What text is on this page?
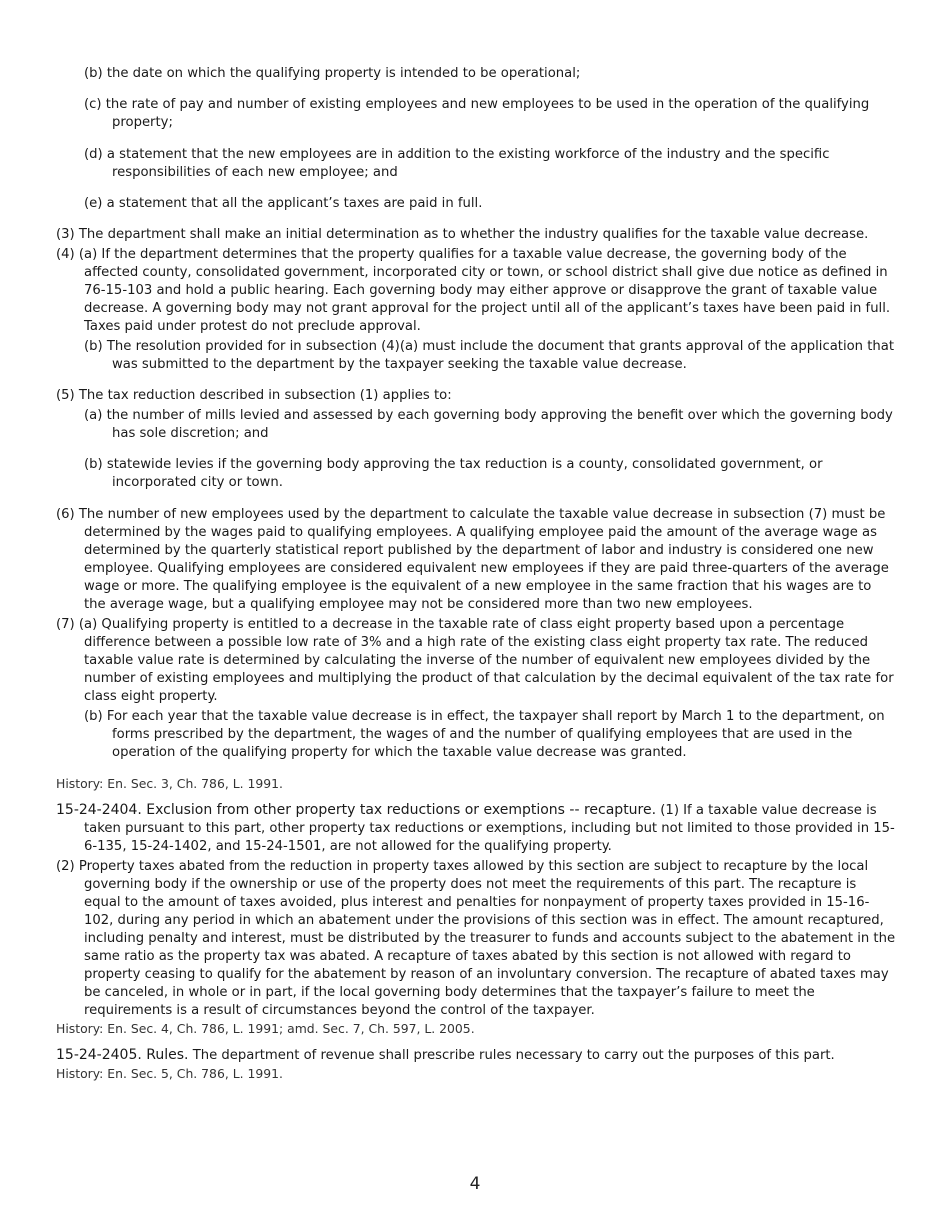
(b) the date on which the qualifying property is intended to be operational;

(c) the rate of pay and number of existing employees and new employees to be used in the operation of the qualifying property;

(d) a statement that the new employees are in addition to the existing workforce of the industry and the specific responsibilities of each new employee; and

(e) a statement that all the applicant’s taxes are paid in full.

(3) The department shall make an initial determination as to whether the industry qualifies for the taxable value decrease.

(4) (a) If the department determines that the property qualifies for a taxable value decrease, the governing body of the affected county, consolidated government, incorporated city or town, or school district shall give due notice as defined in 76-15-103 and hold a public hearing. Each governing body may either approve or disapprove the grant of taxable value decrease. A governing body may not grant approval for the project until all of the applicant’s taxes have been paid in full. Taxes paid under protest do not preclude approval.

(b) The resolution provided for in subsection (4)(a) must include the document that grants approval of the application that was submitted to the department by the taxpayer seeking the taxable value decrease.

(5) The tax reduction described in subsection (1) applies to:

(a) the number of mills levied and assessed by each governing body approving the benefit over which the governing body has sole discretion; and

(b) statewide levies if the governing body approving the tax reduction is a county, consolidated government, or incorporated city or town.

(6) The number of new employees used by the department to calculate the taxable value decrease in subsection (7) must be determined by the wages paid to qualifying employees. A qualifying employee paid the amount of the average wage as determined by the quarterly statistical report published by the department of labor and industry is considered one new employee. Qualifying employees are considered equivalent new employees if they are paid three-quarters of the average wage or more. The qualifying employee is the equivalent of a new employee in the same fraction that his wages are to the average wage, but a qualifying employee may not be considered more than two new employees.

(7) (a) Qualifying property is entitled to a decrease in the taxable rate of class eight property based upon a percentage difference between a possible low rate of 3% and a high rate of the existing class eight property tax rate. The reduced taxable value rate is determined by calculating the inverse of the number of equivalent new employees divided by the number of existing employees and multiplying the product of that calculation by the decimal equivalent of the tax rate for class eight property.

(b) For each year that the taxable value decrease is in effect, the taxpayer shall report by March 1 to the department, on forms prescribed by the department, the wages of and the number of qualifying employees that are used in the operation of the qualifying property for which the taxable value decrease was granted.

History: En. Sec. 3, Ch. 786, L. 1991.

15-24-2404. Exclusion from other property tax reductions or exemptions -- recapture. (1) If a taxable value decrease is taken pursuant to this part, other property tax reductions or exemptions, including but not limited to those provided in 15-6-135, 15-24-1402, and 15-24-1501, are not allowed for the qualifying property.

(2) Property taxes abated from the reduction in property taxes allowed by this section are subject to recapture by the local governing body if the ownership or use of the property does not meet the requirements of this part. The recapture is equal to the amount of taxes avoided, plus interest and penalties for nonpayment of property taxes provided in 15-16-102, during any period in which an abatement under the provisions of this section was in effect. The amount recaptured, including penalty and interest, must be distributed by the treasurer to funds and accounts subject to the abatement in the same ratio as the property tax was abated. A recapture of taxes abated by this section is not allowed with regard to property ceasing to qualify for the abatement by reason of an involuntary conversion. The recapture of abated taxes may be canceled, in whole or in part, if the local governing body determines that the taxpayer’s failure to meet the requirements is a result of circumstances beyond the control of the taxpayer.

History: En. Sec. 4, Ch. 786, L. 1991; amd. Sec. 7, Ch. 597, L. 2005.

15-24-2405. Rules. The department of revenue shall prescribe rules necessary to carry out the purposes of this part.

History: En. Sec. 5, Ch. 786, L. 1991.

4
